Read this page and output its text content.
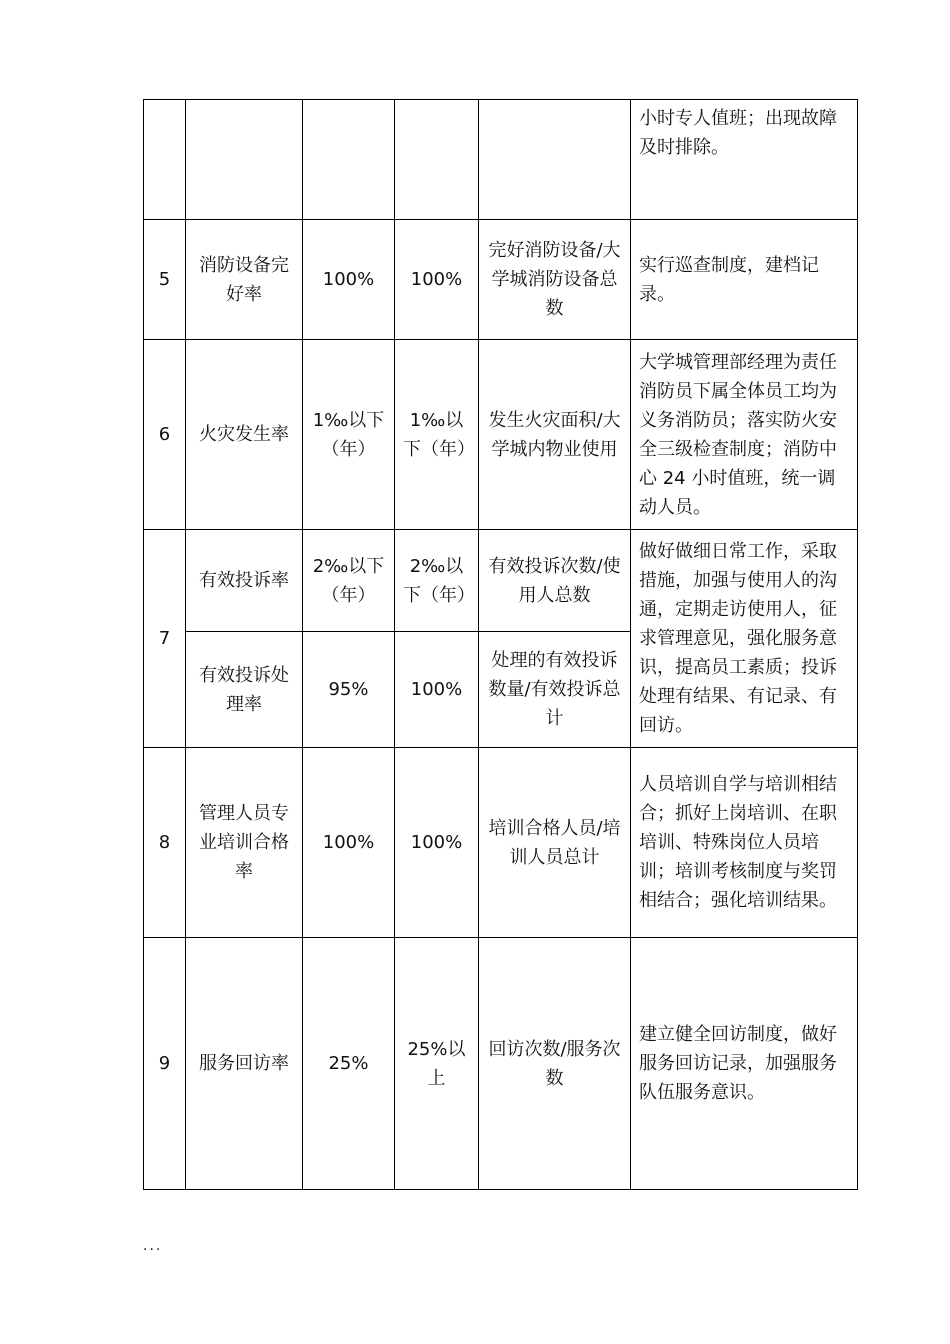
					小时专人值班；出现故障及时排除。
5	消防设备完好率	100%	100%	完好消防设备/大学城消防设备总数	实行巡查制度，建档记录。
6	火灾发生率	1‰以下（年）	1‰以下（年）	发生火灾面积/大学城内物业使用	大学城管理部经理为责任消防员下属全体员工均为义务消防员；落实防火安全三级检查制度；消防中心 24 小时值班，统一调动人员。
7	有效投诉率	2‰以下（年）	2‰以下（年）	有效投诉次数/使用人总数	做好做细日常工作，采取措施，加强与使用人的沟通，定期走访使用人，征求管理意见，强化服务意识，提高员工素质；投诉处理有结果、有记录、有回访。
	有效投诉处理率	95%	100%	处理的有效投诉数量/有效投诉总计	
8	管理人员专业培训合格率	100%	100%	培训合格人员/培训人员总计	人员培训自学与培训相结合；抓好上岗培训、在职培训、特殊岗位人员培训；培训考核制度与奖罚相结合；强化培训结果。
9	服务回访率	25%	25%以上	回访次数/服务次数	建立健全回访制度，做好服务回访记录，加强服务队伍服务意识。
...
